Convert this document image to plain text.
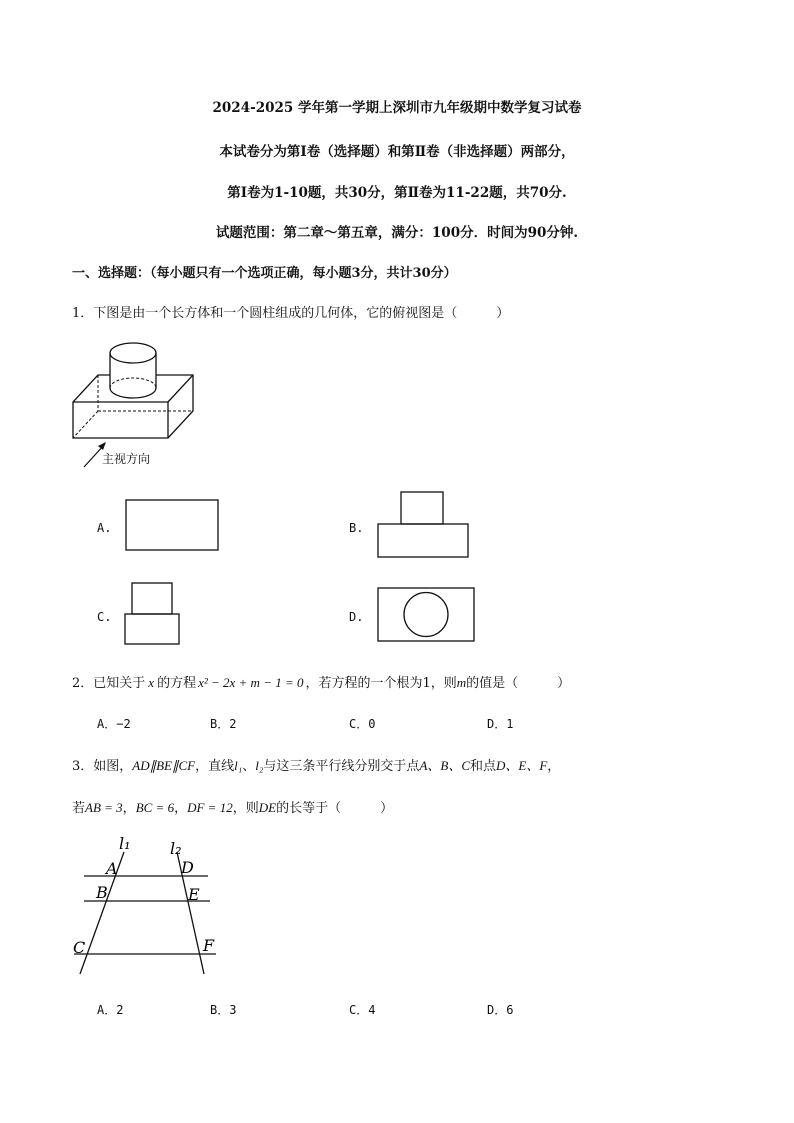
2024-2025 学年第一学期上深圳市九年级期中数学复习试卷
本试卷分为第Ⅰ卷（选择题）和第Ⅱ卷（非选择题）两部分，
第Ⅰ卷为1-10题，共30分，第Ⅱ卷为11-22题，共70分.
试题范围：第二章～第五章，满分：100分．时间为90分钟.
一、选择题：（每小题只有一个选项正确，每小题3分，共计30分）
1．下图是由一个长方体和一个圆柱组成的几何体，它的俯视图是（　　　）
主视方向
A.	B.
C.	D.
2．已知关于 x 的方程 x² − 2x + m − 1 = 0 ，若方程的一个根为1，则m的值是（　　　）
A．−2	B．2	C．0	D．1
3．如图，AD∥BE∥CF，直线l₁、l₂与这三条平行线分别交于点A、B、C和点D、E、F，
若AB = 3，BC = 6，DF = 12，则DE的长等于（　　　）
l₁ l₂
A	D
B	E
C	F
A．2	B．3	C．4	D．6
